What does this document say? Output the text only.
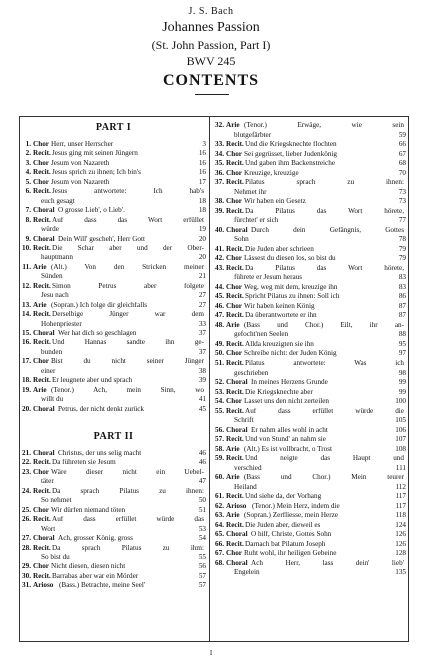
J. S. Bach
Johannes Passion
(St. John Passion, Part I)
BWV 245
CONTENTS
PART I
PART II
1. Chor Herr, unser Herrscher	3
2. Recit. Jesus ging mit seinen Jüngern	16
3. Chor Jesum von Nazareth	16
4. Recit. Jesus sprich zu ihnen; Ich bin's	16
5. Chor Jesum von Nazareth	17
6. Recit. Jesus antwortete: Ich hab's
euch gesagt	18
7. Choral O grosse Lieb', o Lieb'.	18
8. Recit. Auf dass das Wort erfüllet
würde	19
9. Choral Dein Will' gescheh', Herr Gott	20
10. Recit. Die Schar aber und der Ober-
hauptmann	20
11. Arie (Alt.) Von den Stricken meiner
Sünden	21
12. Recit. Simon Petrus aber folgete
Jesu nach	27
13. Arie (Sopran.) Ich folge dir gleichfalls	27
14. Recit. Derselbige Jünger war dem
Hohenpriester	33
15. Choral Wer hat dich so geschlagen	37
16. Recit. Und Hannas sandte ihn ge-
bunden	37
17. Chor Bist du nicht seiner Jünger
einer	38
18. Recit. Er leugnete aber und sprach	39
19. Arie (Tenor.) Ach, mein Sinn, wo
willt du	41
20. Choral Petrus, der nicht denkt zurück	45
21. Choral Christus, der uns selig macht	46
22. Recit. Da führeten sie Jesum	46
23. Chor Wäre dieser nicht ein Uebel-
täter	47
24. Recit. Da sprach Pilatus zu ihnen:
So nehmet	50
25. Chor Wir dürfen niemand töten	51
26. Recit. Auf dass erfüllet würde das
Wort	53
27. Choral Ach, grosser König, gross	54
28. Recit. Da sprach Pilatus zu ihm:
So bist du	55
29. Chor Nicht diesen, diesen nicht	56
30. Recit. Barrabas aber war ein Mörder	57
31. Arioso (Bass.) Betrachte, meine Seel'	57
32. Arie (Tenor.) Erwäge, wie sein
blutgefärbter	59
33. Recit. Und die Kriegsknechte flochten	66
34. Chor Sei gegrüsset, lieber Judenkönig	67
35. Recit. Und gaben ihm Backenstreiche	68
36. Chor Kreuzige, kreuzige	70
37. Recit. Pilatus sprach zu ihnen:
Nehmet ihr	73
38. Chor Wir haben ein Gesetz	73
39. Recit. Da Pilatus das Wort hörete,
fürchtet' er sich	77
40. Choral Durch dein Gefängnis, Gottes
Sohn	78
41. Recit. Die Juden aber schrieen	79
42. Chor Lässest du diesen los, so bist du	79
43. Recit. Da Pilatus das Wort hörete,
führete er Jesum heraus	83
44. Chor Weg, weg mit dem, kreuzige ihn	83
45. Recit. Spricht Pilatus zu ihnen: Soll ich	86
46. Chor Wir haben keinen König	87
47. Recit. Da überantwortete er ihn	87
48. Arie (Bass und Chor.) Eilt, ihr an-
gefocht'nen Seelen	88
49. Recit. Allda kreuzigten sie ihn	95
50. Chor Schreibe nicht: der Juden König	97
51. Recit. Pilatus antwortete: Was ich
geschrieben	98
52. Choral In meines Herzens Grunde	99
53. Recit. Die Kriegsknechte aber	99
54. Chor Lasset uns den nicht zerteilen	100
55. Recit. Auf dass erfüllet würde die
Schrift	105
56. Choral Er nahm alles wohl in acht	106
57. Recit. Und von Stund' an nahm sie	107
58. Arie (Alt.) Es ist vollbracht, o Trost	108
59. Recit. Und neigte das Haupt und
verschied	111
60. Arie (Bass und Chor.) Mein teurer
Heiland	112
61. Recit. Und siehe da, der Vorhang	117
62. Arioso (Tenor.) Mein Herz, indem die	117
63. Arie (Sopran.) Zerfliesse, mein Herze	118
64. Recit. Die Juden aber, dieweil es	124
65. Choral O hilf, Christe, Gottes Sohn	126
66. Recit. Darnach bat Pilatum Joseph	126
67. Chor Ruht wohl, ihr heiligen Gebeine	128
68. Choral Ach Herr, lass dein' lieb'
Engelein	135
I
